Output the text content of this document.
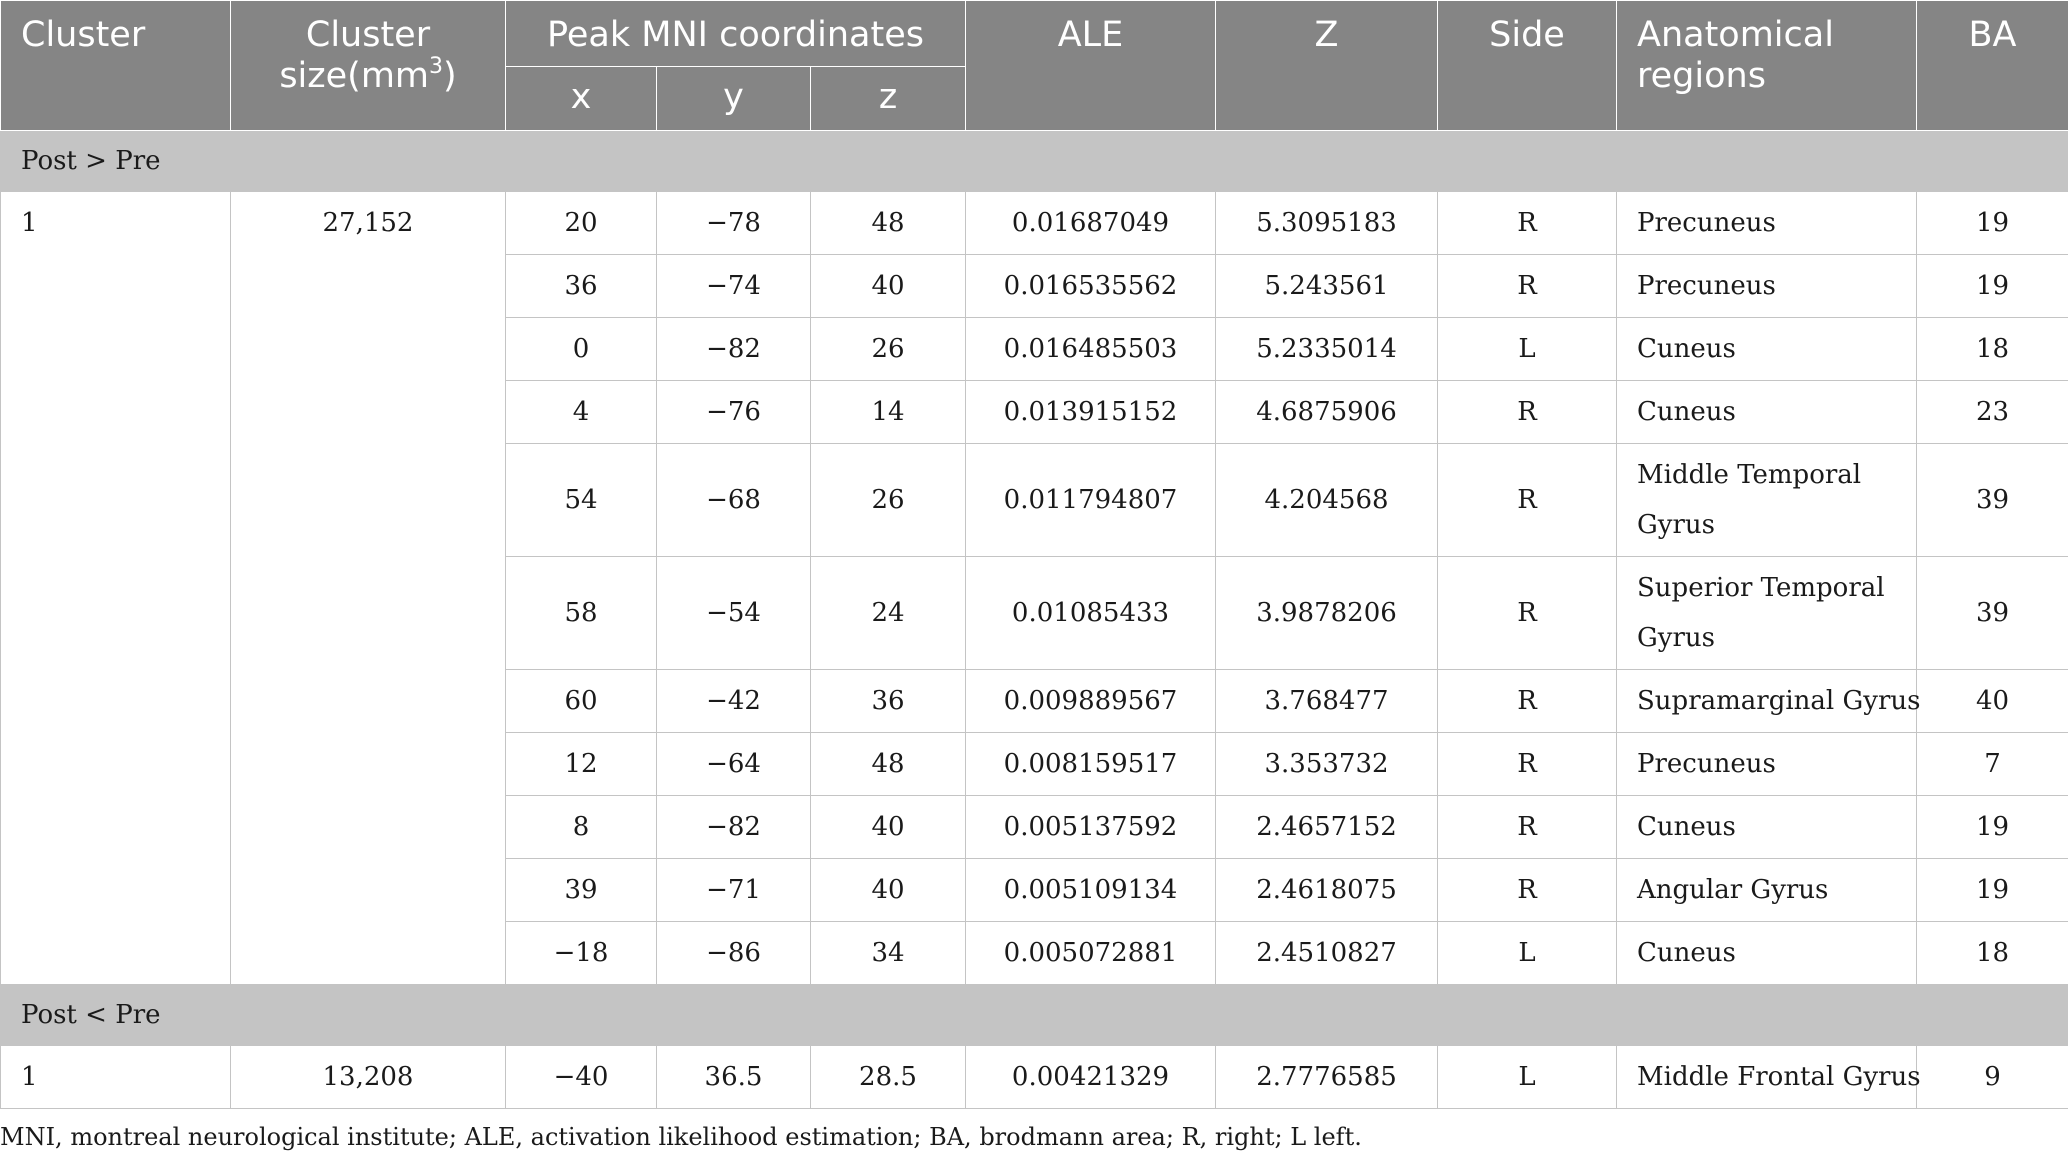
Cluster	Cluster $size(mm^3)$	Peak MNI coordinates			ALE	Z	Side	Anatomical
regions	BA
		x	y	z					
Post > Pre									
1	27,152	20	−78	48	0.01687049	5.3095183	R	Precuneus	19
		36	−74	40	0.016535562	5.243561	R	Precuneus	19
		0	−82	26	0.016485503	5.2335014	L	Cuneus	18
		4	−76	14	0.013915152	4.6875906	R	Cuneus	23
		54	−68	26	0.011794807	4.204568	R	Middle Temporal Gyrus	39
		58	−54	24	0.01085433	3.9878206	R	Superior Temporal Gyrus	39
		60	−42	36	0.009889567	3.768477	R	Supramarginal Gyrus	40
		12	−64	48	0.008159517	3.353732	R	Precuneus	7
		8	−82	40	0.005137592	2.4657152	R	Cuneus	19
		39	−71	40	0.005109134	2.4618075	R	Angular Gyrus	19
		−18	−86	34	0.005072881	2.4510827	L	Cuneus	18
Post < Pre									
1	13,208	−40	36.5	28.5	0.00421329	2.7776585	L	Middle Frontal Gyrus	9
MNI, montreal neurological institute; ALE, activation likelihood estimation; BA, brodmann area; R, right; L left.
